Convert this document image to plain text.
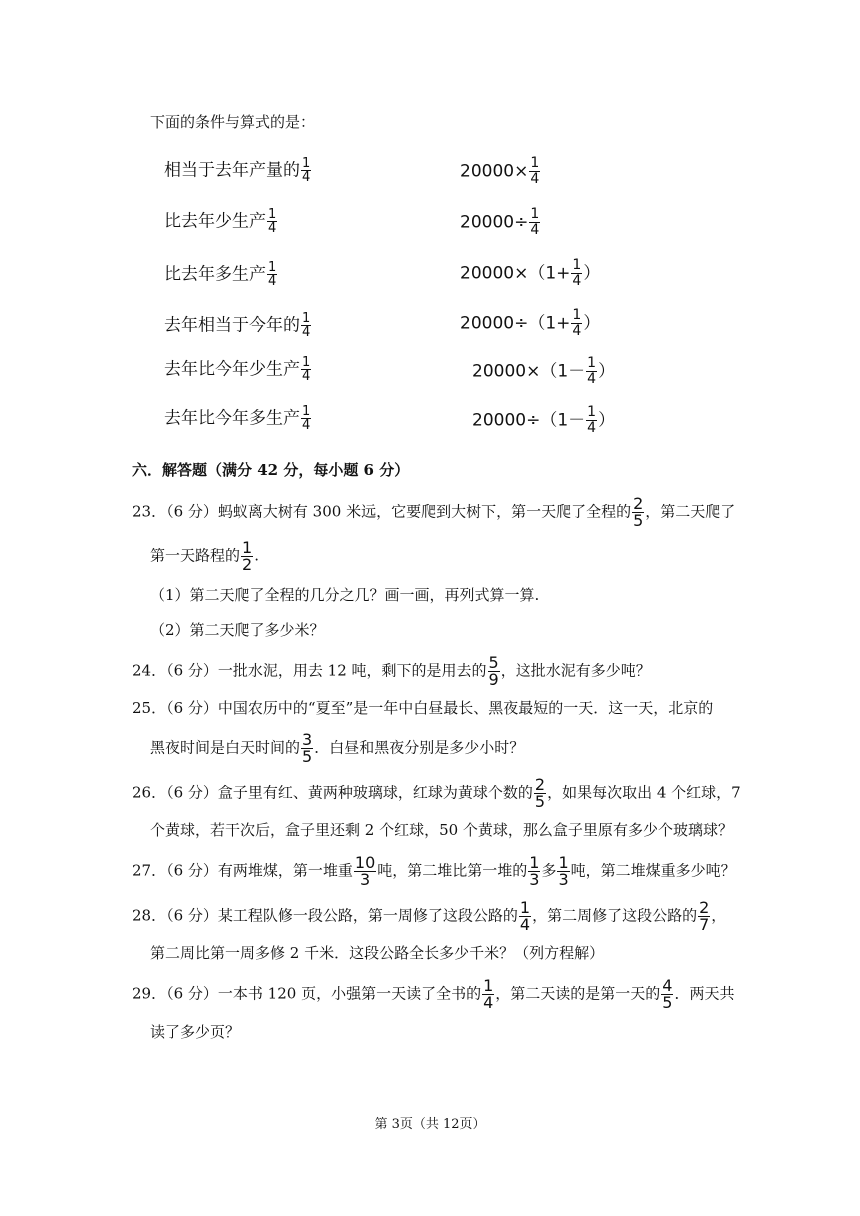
下面的条件与算式的是：
相当于去年产量的 $\frac{1}{4}$
比去年少生产 $\frac{1}{4}$
比去年多生产 $\frac{1}{4}$
去年相当于今年的 $\frac{1}{4}$
去年比今年少生产 $\frac{1}{4}$
去年比今年多生产 $\frac{1}{4}$
$20000\times \frac{1}{4}$
$20000\div \frac{1}{4}$
$20000\times(1+ \frac{1}{4}$ ）
$20000\div(1+ \frac{1}{4}$ ）
$20000\times(1- \frac{1}{4}$ ）
$20000\div(1- \frac{1}{4}$ ）
六．解答题（满分 42 分，每小题 6 分）
23．（6 分）蚂蚁离大树有 300 米远，它要爬到大树下，第一天爬了全程的 $\frac{2}{5}$ ，第二天爬了
第一天路程的 $\frac{1}{2}$ .
（1）第二天爬了全程的几分之几？画一画，再列式算一算.
（2）第二天爬了多少米？
24．（6 分）一批水泥，用去 12 吨，剩下的是用去的 $\frac{5}{9}$ ，这批水泥有多少吨？
25．（6 分）中国农历中的“夏至”是一年中白昼最长、黑夜最短的一天．这一天，北京的
黑夜时间是白天时间的 $\frac{3}{5}$ ．白昼和黑夜分别是多少小时？
26．（6 分）盒子里有红、黄两种玻璃球，红球为黄球个数的 $\frac{2}{5}$ ，如果每次取出 4 个红球，7
个黄球，若干次后，盒子里还剩 2 个红球，50 个黄球，那么盒子里原有多少个玻璃球？
27．（6 分）有两堆煤，第一堆重 $\frac{10}{3}$ 吨，第二堆比第一堆的 $\frac{1}{3}$ 多 $\frac{1}{3}$ 吨，第二堆煤重多少吨？
28．（6 分）某工程队修一段公路，第一周修了这段公路的 $\frac{1}{4}$ ，第二周修了这段公路的 $\frac{2}{7}$ ，
第二周比第一周多修 2 千米．这段公路全长多少千米？（列方程解）
29．（6 分）一本书 120 页，小强第一天读了全书的 $\frac{1}{4}$ ，第二天读的是第一天的 $\frac{4}{5}$ ．两天共
读了多少页？
第 3页（共 12页）
